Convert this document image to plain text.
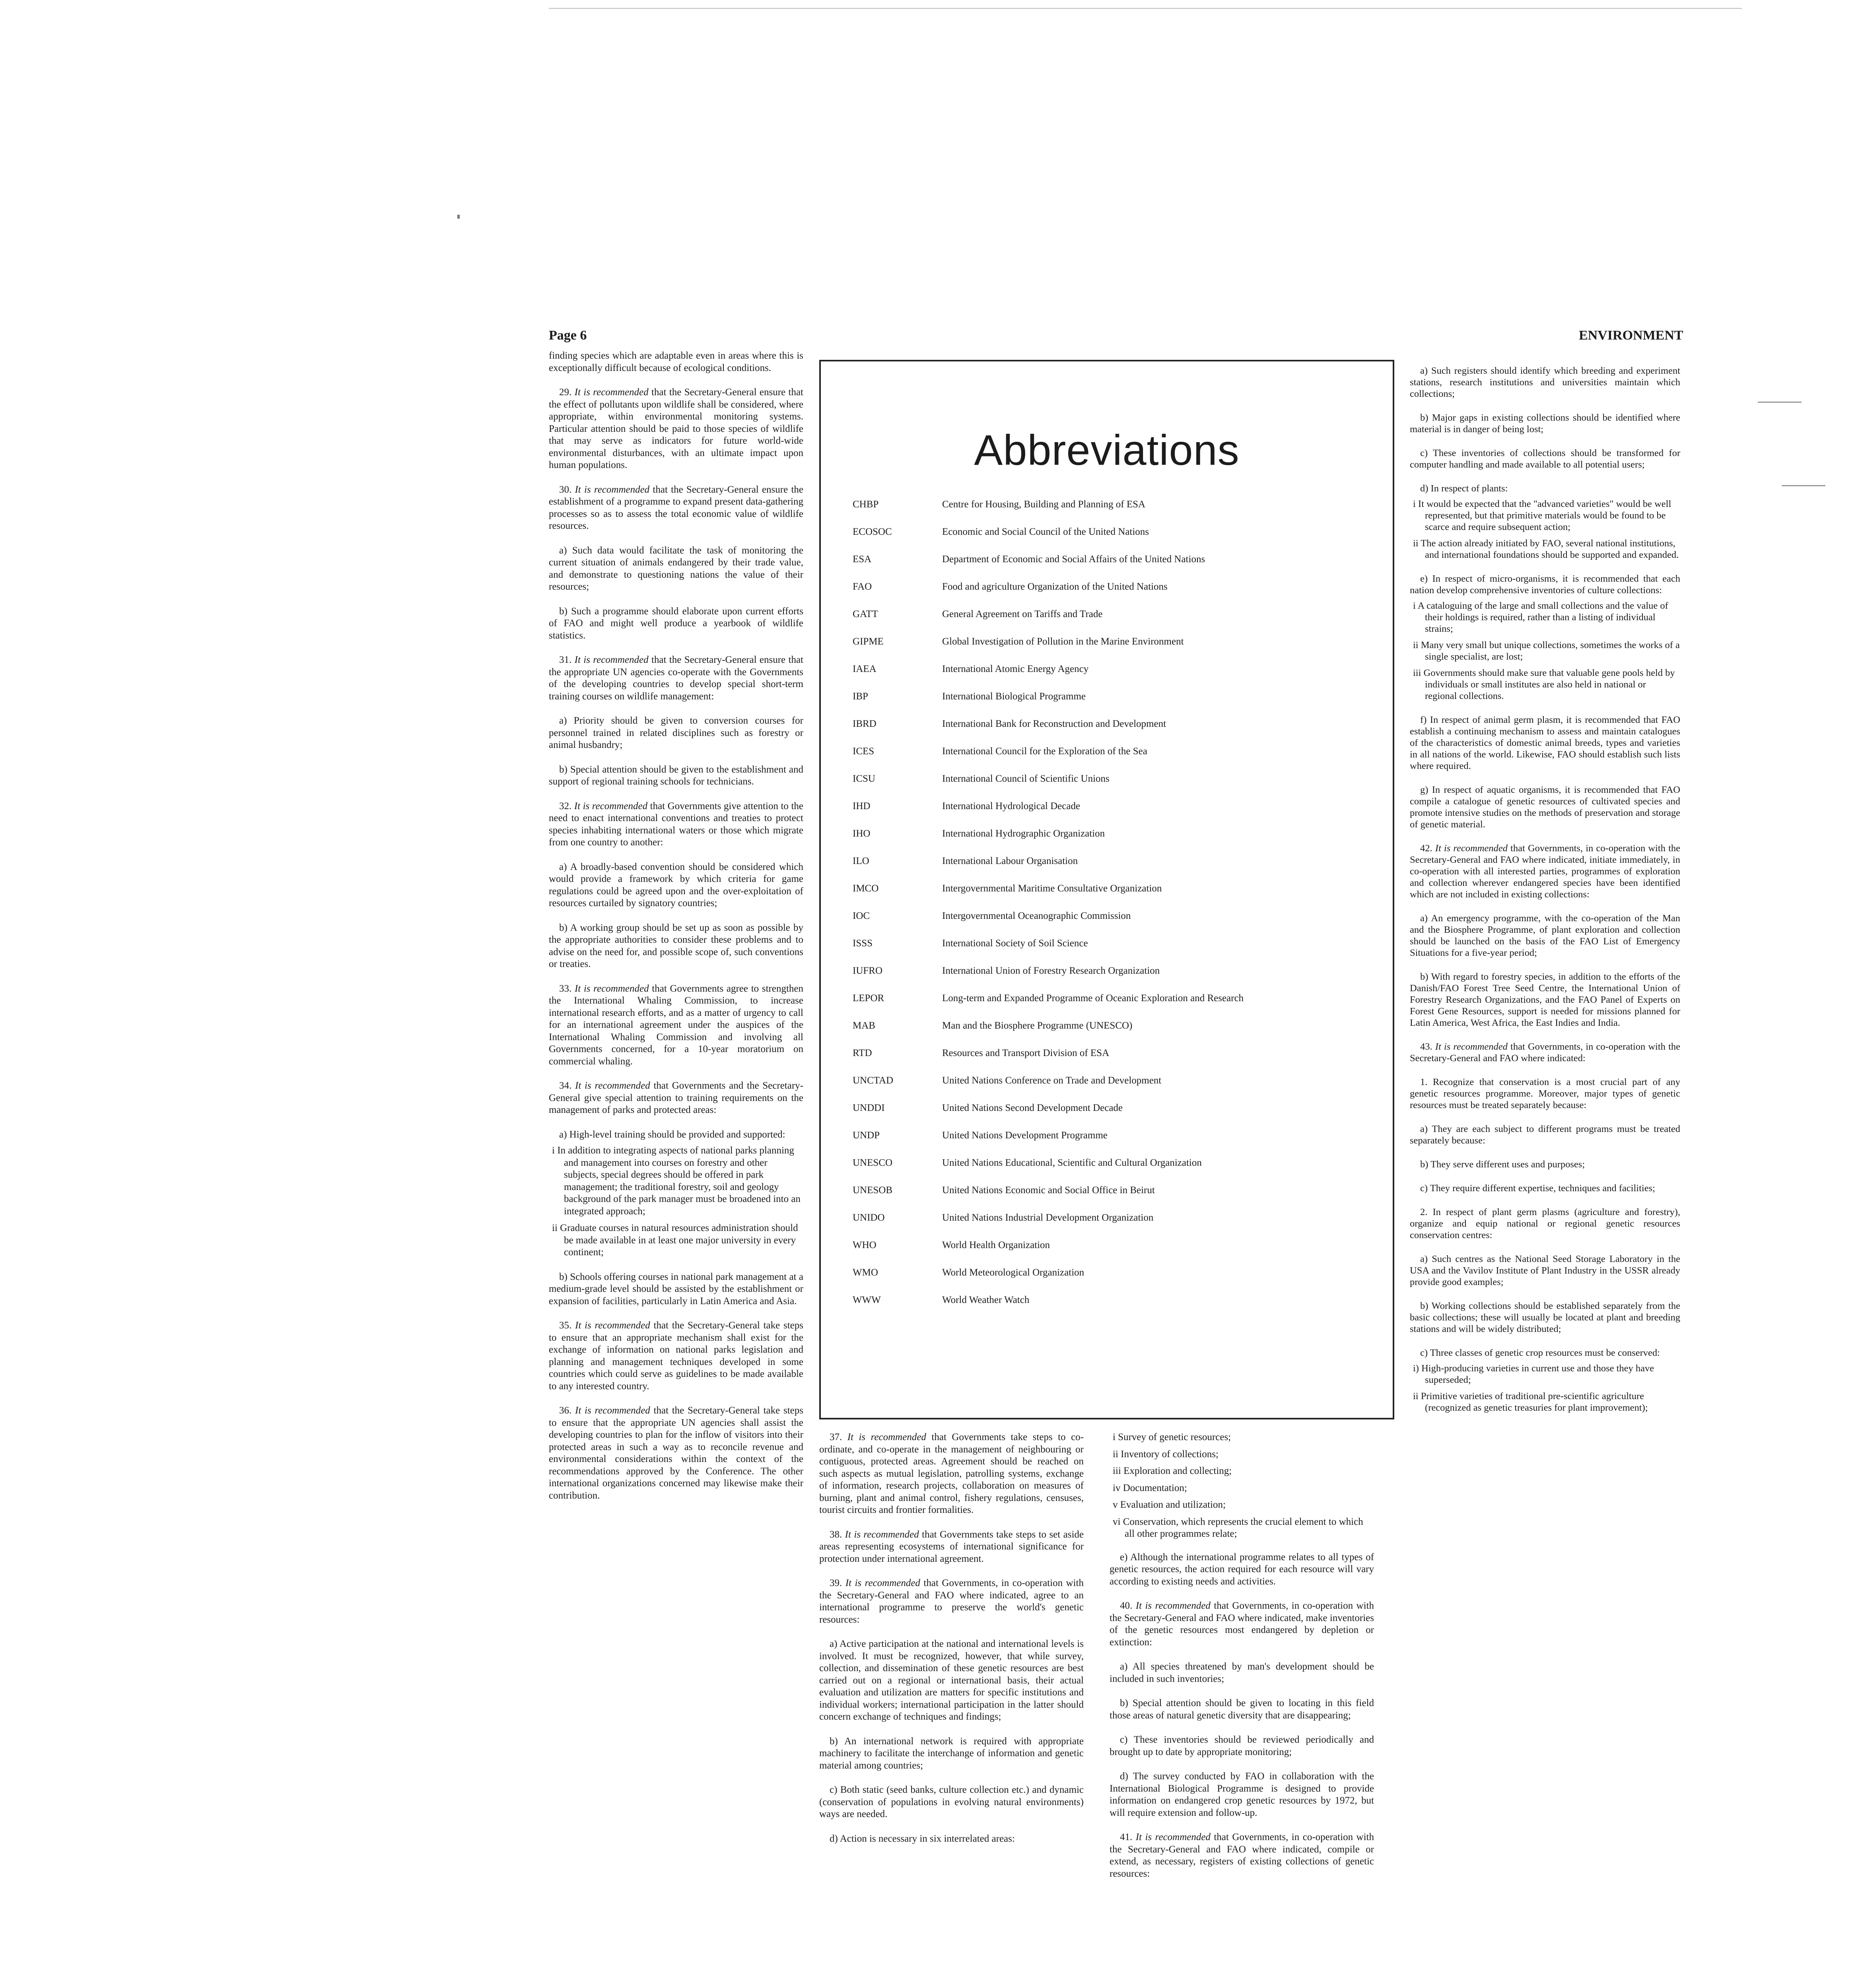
Page 6	ENVIRONMENT

finding species which are adaptable even in areas where this is exceptionally difficult because of ecological conditions.

29. It is recommended that the Secretary-General ensure that the effect of pollutants upon wildlife shall be considered, where appropriate, within environmental monitoring systems. Particular attention should be paid to those species of wildlife that may serve as indicators for future world-wide environmental disturbances, with an ultimate impact upon human populations.

30. It is recommended that the Secretary-General ensure the establishment of a programme to expand present data-gathering processes so as to assess the total economic value of wildlife resources.

a) Such data would facilitate the task of monitoring the current situation of animals endangered by their trade value, and demonstrate to questioning nations the value of their resources;

b) Such a programme should elaborate upon current efforts of FAO and might well produce a yearbook of wildlife statistics.

31. It is recommended that the Secretary-General ensure that the appropriate UN agencies co-operate with the Governments of the developing countries to develop special short-term training courses on wildlife management:

a) Priority should be given to conversion courses for personnel trained in related disciplines such as forestry or animal husbandry;

b) Special attention should be given to the establishment and support of regional training schools for technicians.

32. It is recommended that Governments give attention to the need to enact international conventions and treaties to protect species inhabiting international waters or those which migrate from one country to another:

a) A broadly-based convention should be considered which would provide a framework by which criteria for game regulations could be agreed upon and the over-exploitation of resources curtailed by signatory countries;

b) A working group should be set up as soon as possible by the appropriate authorities to consider these problems and to advise on the need for, and possible scope of, such conventions or treaties.

33. It is recommended that Governments agree to strengthen the International Whaling Commission, to increase international research efforts, and as a matter of urgency to call for an international agreement under the auspices of the International Whaling Commission and involving all Governments concerned, for a 10-year moratorium on commercial whaling.

34. It is recommended that Governments and the Secretary-General give special attention to training requirements on the management of parks and protected areas:

a) High-level training should be provided and supported:

i In addition to integrating aspects of national parks planning and management into courses on forestry and other subjects, special degrees should be offered in park management; the traditional forestry, soil and geology background of the park manager must be broadened into an integrated approach;
ii Graduate courses in natural resources administration should be made available in at least one major university in every continent;

b) Schools offering courses in national park management at a medium-grade level should be assisted by the establishment or expansion of facilities, particularly in Latin America and Asia.

35. It is recommended that the Secretary-General take steps to ensure that an appropriate mechanism shall exist for the exchange of information on national parks legislation and planning and management techniques developed in some countries which could serve as guidelines to be made available to any interested country.

36. It is recommended that the Secretary-General take steps to ensure that the appropriate UN agencies shall assist the developing countries to plan for the inflow of visitors into their protected areas in such a way as to reconcile revenue and environmental considerations within the context of the recommendations approved by the Conference. The other international organizations concerned may likewise make their contribution.

Abbreviations
CHBP	Centre for Housing, Building and Planning of ESA
ECOSOC	Economic and Social Council of the United Nations
ESA	Department of Economic and Social Affairs of the United Nations
FAO	Food and agriculture Organization of the United Nations
GATT	General Agreement on Tariffs and Trade
GIPME	Global Investigation of Pollution in the Marine Environment
IAEA	International Atomic Energy Agency
IBP	International Biological Programme
IBRD	International Bank for Reconstruction and Development
ICES	International Council for the Exploration of the Sea
ICSU	International Council of Scientific Unions
IHD	International Hydrological Decade
IHO	International Hydrographic Organization
ILO	International Labour Organisation
IMCO	Intergovernmental Maritime Consultative Organization
IOC	Intergovernmental Oceanographic Commission
ISSS	International Society of Soil Science
IUFRO	International Union of Forestry Research Organization
LEPOR	Long-term and Expanded Programme of Oceanic Exploration and Research
MAB	Man and the Biosphere Programme (UNESCO)
RTD	Resources and Transport Division of ESA
UNCTAD	United Nations Conference on Trade and Development
UNDDI	United Nations Second Development Decade
UNDP	United Nations Development Programme
UNESCO	United Nations Educational, Scientific and Cultural Organization
UNESOB	United Nations Economic and Social Office in Beirut
UNIDO	United Nations Industrial Development Organization
WHO	World Health Organization
WMO	World Meteorological Organization
WWW	World Weather Watch

37. It is recommended that Governments take steps to co-ordinate, and co-operate in the management of neighbouring or contiguous, protected areas. Agreement should be reached on such aspects as mutual legislation, patrolling systems, exchange of information, research projects, collaboration on measures of burning, plant and animal control, fishery regulations, censuses, tourist circuits and frontier formalities.

38. It is recommended that Governments take steps to set aside areas representing ecosystems of international significance for protection under international agreement.

39. It is recommended that Governments, in co-operation with the Secretary-General and FAO where indicated, agree to an international programme to preserve the world's genetic resources:

a) Active participation at the national and international levels is involved. It must be recognized, however, that while survey, collection, and dissemination of these genetic resources are best carried out on a regional or international basis, their actual evaluation and utilization are matters for specific institutions and individual workers; international participation in the latter should concern exchange of techniques and findings;

b) An international network is required with appropriate machinery to facilitate the interchange of information and genetic material among countries;

c) Both static (seed banks, culture collection etc.) and dynamic (conservation of populations in evolving natural environments) ways are needed.

d) Action is necessary in six interrelated areas:

i Survey of genetic resources;
ii Inventory of collections;
iii Exploration and collecting;
iv Documentation;
v Evaluation and utilization;
vi Conservation, which represents the crucial element to which all other programmes relate;

e) Although the international programme relates to all types of genetic resources, the action required for each resource will vary according to existing needs and activities.

40. It is recommended that Governments, in co-operation with the Secretary-General and FAO where indicated, make inventories of the genetic resources most endangered by depletion or extinction:

a) All species threatened by man's development should be included in such inventories;

b) Special attention should be given to locating in this field those areas of natural genetic diversity that are disappearing;

c) These inventories should be reviewed periodically and brought up to date by appropriate monitoring;

d) The survey conducted by FAO in collaboration with the International Biological Programme is designed to provide information on endangered crop genetic resources by 1972, but will require extension and follow-up.

41. It is recommended that Governments, in co-operation with the Secretary-General and FAO where indicated, compile or extend, as necessary, registers of existing collections of genetic resources:

a) Such registers should identify which breeding and experiment stations, research institutions and universities maintain which collections;

b) Major gaps in existing collections should be identified where material is in danger of being lost;

c) These inventories of collections should be transformed for computer handling and made available to all potential users;

d) In respect of plants:

i It would be expected that the "advanced varieties" would be well represented, but that primitive materials would be found to be scarce and require subsequent action;
ii The action already initiated by FAO, several national institutions, and international foundations should be supported and expanded.

e) In respect of micro-organisms, it is recommended that each nation develop comprehensive inventories of culture collections:

i A cataloguing of the large and small collections and the value of their holdings is required, rather than a listing of individual strains;
ii Many very small but unique collections, sometimes the works of a single specialist, are lost;
iii Governments should make sure that valuable gene pools held by individuals or small institutes are also held in national or regional collections.

f) In respect of animal germ plasm, it is recommended that FAO establish a continuing mechanism to assess and maintain catalogues of the characteristics of domestic animal breeds, types and varieties in all nations of the world. Likewise, FAO should establish such lists where required.

g) In respect of aquatic organisms, it is recommended that FAO compile a catalogue of genetic resources of cultivated species and promote intensive studies on the methods of preservation and storage of genetic material.

42. It is recommended that Governments, in co-operation with the Secretary-General and FAO where indicated, initiate immediately, in co-operation with all interested parties, programmes of exploration and collection wherever endangered species have been identified which are not included in existing collections:

a) An emergency programme, with the co-operation of the Man and the Biosphere Programme, of plant exploration and collection should be launched on the basis of the FAO List of Emergency Situations for a five-year period;

b) With regard to forestry species, in addition to the efforts of the Danish/FAO Forest Tree Seed Centre, the International Union of Forestry Research Organizations, and the FAO Panel of Experts on Forest Gene Resources, support is needed for missions planned for Latin America, West Africa, the East Indies and India.

43. It is recommended that Governments, in co-operation with the Secretary-General and FAO where indicated:

1. Recognize that conservation is a most crucial part of any genetic resources programme. Moreover, major types of genetic resources must be treated separately because:

a) They are each subject to different programs must be treated separately because:

b) They serve different uses and purposes;

c) They require different expertise, techniques and facilities;

2. In respect of plant germ plasms (agriculture and forestry), organize and equip national or regional genetic resources conservation centres:

a) Such centres as the National Seed Storage Laboratory in the USA and the Vavilov Institute of Plant Industry in the USSR already provide good examples;

b) Working collections should be established separately from the basic collections; these will usually be located at plant and breeding stations and will be widely distributed;

c) Three classes of genetic crop resources must be conserved:

i) High-producing varieties in current use and those they have superseded;
ii Primitive varieties of traditional pre-scientific agriculture (recognized as genetic treasuries for plant improvement);
